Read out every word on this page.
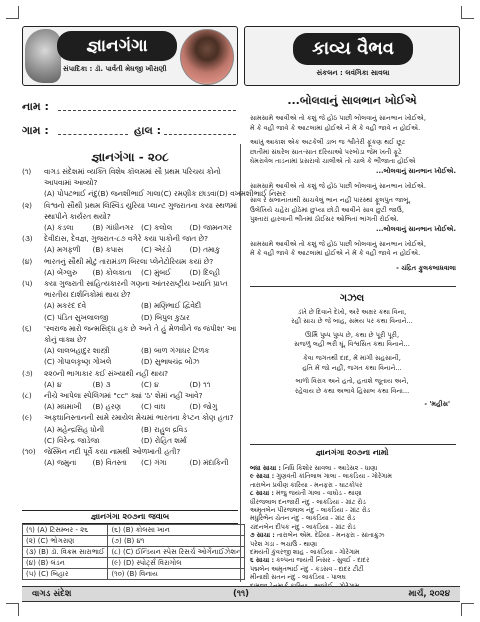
જ્ઞાનગંગા
સંપાદિકા : ડૉ. પાર્વતી મેઘજી ખીરાણી
નામ :
ગામ :	હાલ :
જ્ઞાનગંગા - ૨૦૮
(૧)	વાગડ સંદેશમાં વ્યક્તિ વિશેષ કૉલમમાં સૌ પ્રથમ પરિચય કોનો આપવામાં આવ્યો?
(A) પોપટભાઈ નંદુ (B) જનશીભાઈ ગાલા (C) રમણીક છાડવા (D) વખમશીભાઈ નિસર
(૨)	વિશ્વનો સૌથી પ્રથમ લિસ્વિડ યુરિયા પ્લાન્ટ ગુજરાતના કયા સ્થળમાં સ્થાપીને કાર્યરત થયો?
(A) કંડલા	(B) ગાંધીનગર	(C) કલોલ	(D) જામનગર
(૩)	દેવીદાસ, દેવજ્ઞ, ગુજરાત-૮૭ વગેરે કયા પાકોની જાત છે?
(A) મગફળી	(B) કપાસ	(C) એરંડો	(D) તમાકુ
(૪)	ભારતનું સૌથી મોટું તારામંડળ બિરલા પ્લેનેટોરિયમ કયાં છે?
(A) બેંગ્લુરુ	(B) કોલકાતા	(C) મુંબઈ	(D) દિલ્હી
(૫)	કયા ગુજરાતી સાહિત્યકારની ગણના આંતરરાષ્ટ્રીય ખ્યાતિ પ્રાપ્ત ભારતીય દાર્શનિકોમાં થાય છે?
(A) મકરંદ દવે	(B) મણિભાઈ દ્વિવેદી
(C) પંડિત સુખલાલજી	(D) બિપુલ કુઠાર
(૬)	'સ્વરાજ મારો જન્મસિદ્ધ હક છે અને તે હું મેળવીને જ જંપીશ' આ કોનું વાક્ય છે?
(A) લાલબહાદુર શાસ્ત્રી	(B) બાળ ગંગાધર ટિળક
(C) ગોપાલકૃષ્ણ ગોખલે	(D) સુભાષચંદ્ર બોઝ
(૭)	૨૨૦ની ભાગાકાર કઈ સંખ્યાથી નહીં થાય?
(A) ૪	(B) ૩	(C) ૪	(D) ૧૧
(૮)	નીચે આપેલા સ્પેલિંગમાં "cc" ક્યાં 'ઠ' શેમાં નહીં આવે?
(A) મધમાખી	(B) હરણ	(C) વાઘ	(D) જોગુ
(૯)	અફઘાનિસ્તાનની સામે રમાયેલ મેચમાં ભારતના કેપ્ટન કોણ હતા?
(A) મહેન્દ્રસિંહ ધોની	(B) રાહુલ દ્રવિડ
(C) વિરેન્દ્ર જાડેજા	(D) રોહિત શર્મા
(૧૦)	જેસ્મિન નદી પૂર્વે કયા નામથી ઓળખાતી હતી?
(A) જમુના	(B) વિતસ્તા	(C) ગંગા	(D) મંદાકિની
જ્ઞાનગંગા ૨૦૭ના જવાબ
(૧) (A) ટિસમ્બર - ૨૬	(૬) (B) કોલસા ખાન
(૨) (C) ભોગરાણ	(૭) (B) ૪૧
(૩) (B) ડૉ. વિક્રમ સારાભાઈ	(૮) (C) ઈન્ડિયન સ્પેસ રિસર્ચ ઓર્ગેનાઈઝેશન
(૪) (B) લંડન	(૯) (D) સ્પોર્ટ્સ વિરાગોલ
(૫) (C) બિહાર	(૧૦) (B) વિનાય
કાવ્ય વૈભવ
સંકલન : લવંગિકા સાવલા
...બોલવાનું સાલભાન ખોઈએ
સામસામે આવીએ તો કશું જે હોઠ પાછી બોલવાનું સાનભાન ખોઈએ,
મેં કે વહી જાવે કે આટલામાં હોઈએ ને મેં કે વહી જાવે ન હોઈએ.
આખું આકાશ એક અટકેલી ડાબ જ શ્વીતેરી ફૂંકણ થઈ છૂટ
છાતીમાં સંઘરેલ સાત-સાત દરિયાઓ પરબોડા જેમ ખતી ફૂટે
ઘેમરાવેલ તાડનામાં પ્રસરાવો ચાલીએ તો ચાલે કે ભીંજાતા હોઈએ
...બોલવાનું સાનભાન ખોઈએ.
સામસામે આવીએ તો કશું જે હોઠ પાછી બોલવાનું સાનભાન ખોઈએ.
સાવ રે સબાનાતાથી સાચવેલું ભાન નહીં પારસ્થાં ફૂલપુત જાબૂં,
ઉલેખિયે ચહેરા હોઠેમાં છુપ્યા છોડી આવીને સાવ છુટી જાઉં,
પુશ્તારાં હારવાની ભીંતમાં ઠોઈસર ઓભિતાં ભાંગતી રોઈએ.
...બોલવાનું સાનભાન ખોઈએ.
સામસામે આવીએ તો કશું જે હોઠ પાછી બોલવાનું સાનભાન ખોઈએ,
મેં કે વહી જાવે કે આટલામાં હોઈએ ને મેં કે વહી જાવે ન હોઈએ.
- ચંદ્રિત ફુલકબાધવાલા
ગઝલ
ડંખે છે દિવાને દેખો, અરે અક્ષર કથા વિના,
રહી સાચ છે જે બાહ, સમય પર કથા વિનાને...
ઊર્મિ પુષ્પ પુષ્પ છે, કથા છે પૂરી પૂરી,
સજળું લહી ભરી ઘૂં, વિશ્વસિત કથા વિનાને...
કેવા જગતથી દાદ, મેં માંગી સહસાની,
હતિ મેં જો નહીં, જગત કથા વિનાને...
બાળો વિરાત્ર અને હતો, હતાશે જૂતાય અને,
રહેવાય છે કથા અભાવે હિસાબ કથા વિના...
- 'મહીસ'
જ્ઞાનગંગા ૨૦૭ના નામો
બધા સાચા : નિધિ કિશોર સાવલા - આડેસ૨ - ધાણા
૯ સાચા : ગુણવંતી કાંતિલાલ ગાલા - લાકડિયા - ગોરેગામ
તારાબેન પ્રવીણ કારિયા - મનફરા - ઘાટકોપર
૮ સાચા : મંજુ જયંતી ગાલા - વાઘોડ - થાણા
ધીરજલાલ દનજારી નંદુ - લાકડિયા - ગ્રાંટ રોડ
અમૃતબેન પીરજલાલ નંદુ - લાકડિયા - ગ્રાંટ રોડ
મધુરિભેન ચેતન નંદુ - લાકડિયા - ગ્રાંટ રોડ
ચંદનબેન દીપક નંદુ - લાકડિયા - ગ્રાંટ રોડ
૭ સાચા : તારાબેન એમ. દેઢિયા - મનફરા - સાંતાક્રુઝ
પરેશ ગડા - ભચાઉ - થાણા
દમયંતી કુંવરજી શાહ - લાકડિયા - ગોરેગામ
૬ સાચા : કલ્પના જયંતી નિસર - સુવઈ - દાદર
પદ્મબેન અમૃતભાઈ નંદુ - કડસવ - દાદર ટીટી
મીનાક્ષી સતન નંદુ - લાકડિયા - પાલઘ
વાગડ સંદેશ	(૧૧)	માર્ચ, ૨૦૨૪
